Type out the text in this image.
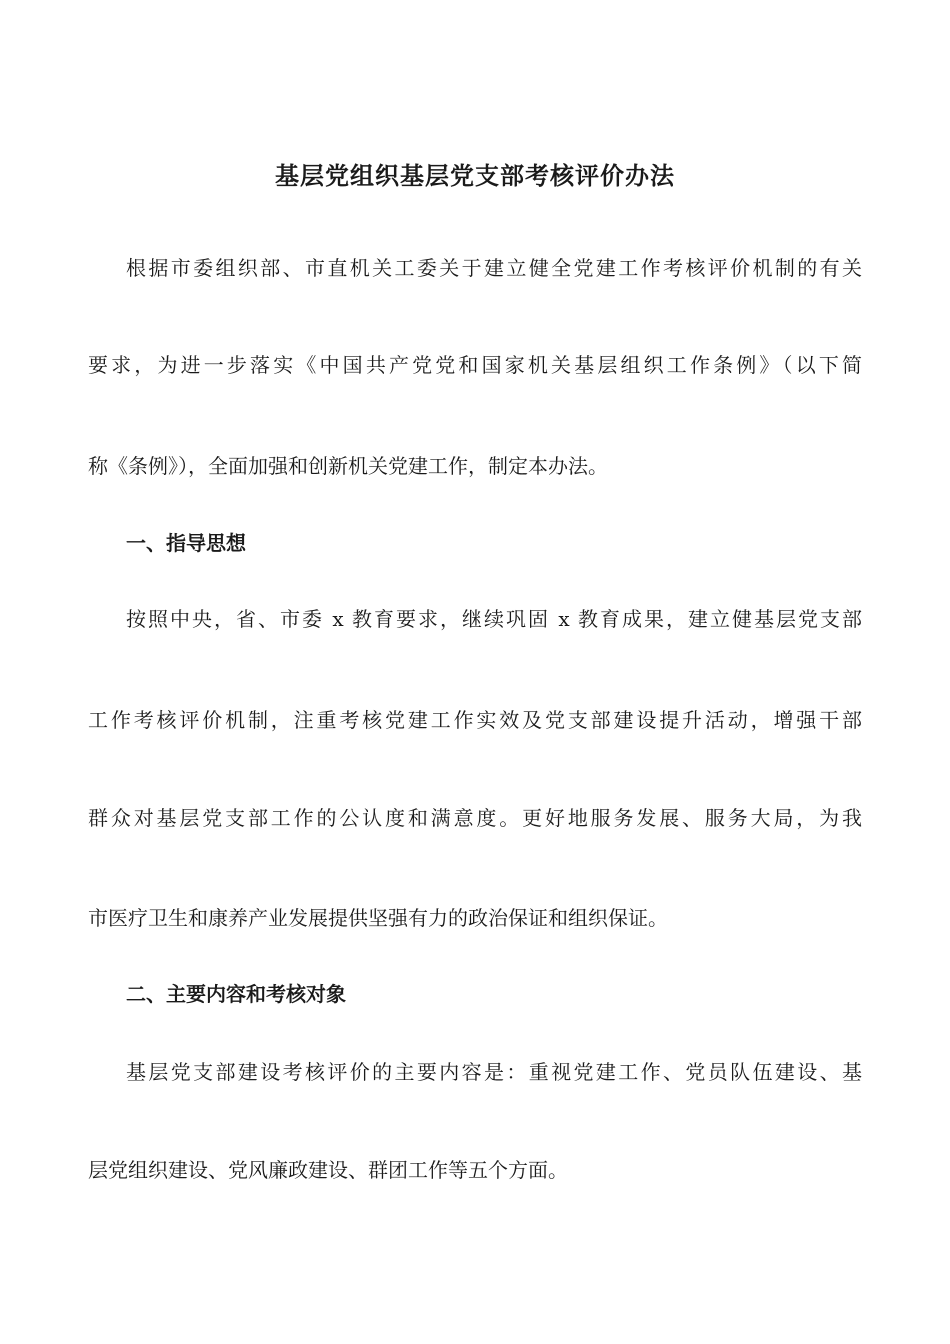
基层党组织基层党支部考核评价办法
根据市委组织部、市直机关工委关于建立健全党建工作考核评价机制的有关
要求，为进一步落实《中国共产党党和国家机关基层组织工作条例》（以下简
称《条例》），全面加强和创新机关党建工作，制定本办法。
一、指导思想
按照中央，省、市委 x 教育要求，继续巩固 x 教育成果，建立健基层党支部
工作考核评价机制，注重考核党建工作实效及党支部建设提升活动，增强干部
群众对基层党支部工作的公认度和满意度。更好地服务发展、服务大局，为我
市医疗卫生和康养产业发展提供坚强有力的政治保证和组织保证。
二、主要内容和考核对象
基层党支部建设考核评价的主要内容是：重视党建工作、党员队伍建设、基
层党组织建设、党风廉政建设、群团工作等五个方面。
